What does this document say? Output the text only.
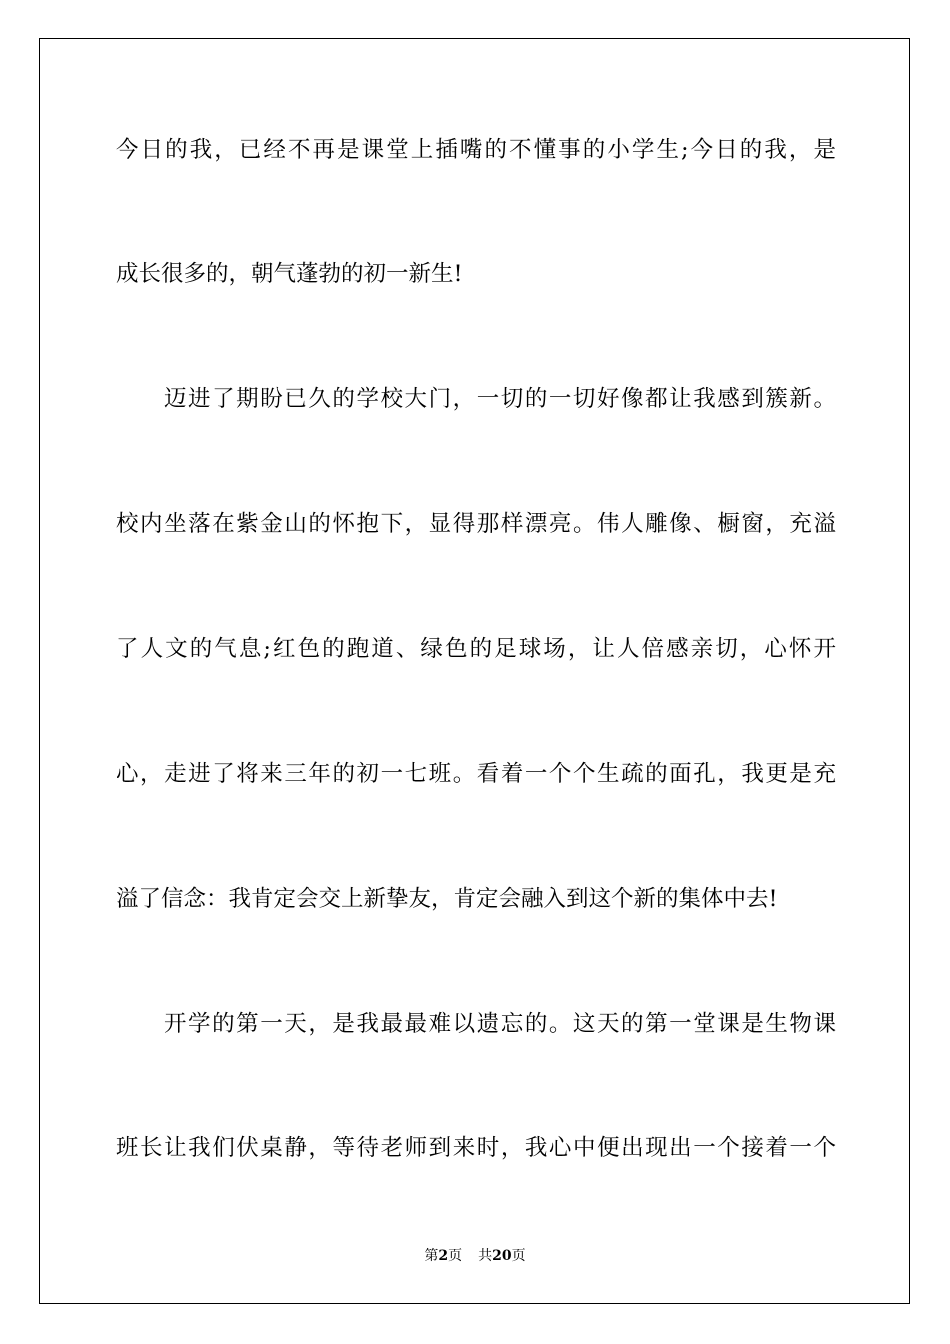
今日的我，已经不再是课堂上插嘴的不懂事的小学生;今日的我，是
成长很多的，朝气蓬勃的初一新生!
迈进了期盼已久的学校大门，一切的一切好像都让我感到簇新。
校内坐落在紫金山的怀抱下，显得那样漂亮。伟人雕像、橱窗，充溢
了人文的气息;红色的跑道、绿色的足球场，让人倍感亲切，心怀开
心，走进了将来三年的初一七班。看着一个个生疏的面孔，我更是充
溢了信念：我肯定会交上新挚友，肯定会融入到这个新的集体中去!
开学的第一天，是我最最难以遗忘的。这天的第一堂课是生物课
班长让我们伏桌静，等待老师到来时，我心中便出现出一个接着一个
第2页 共20页
